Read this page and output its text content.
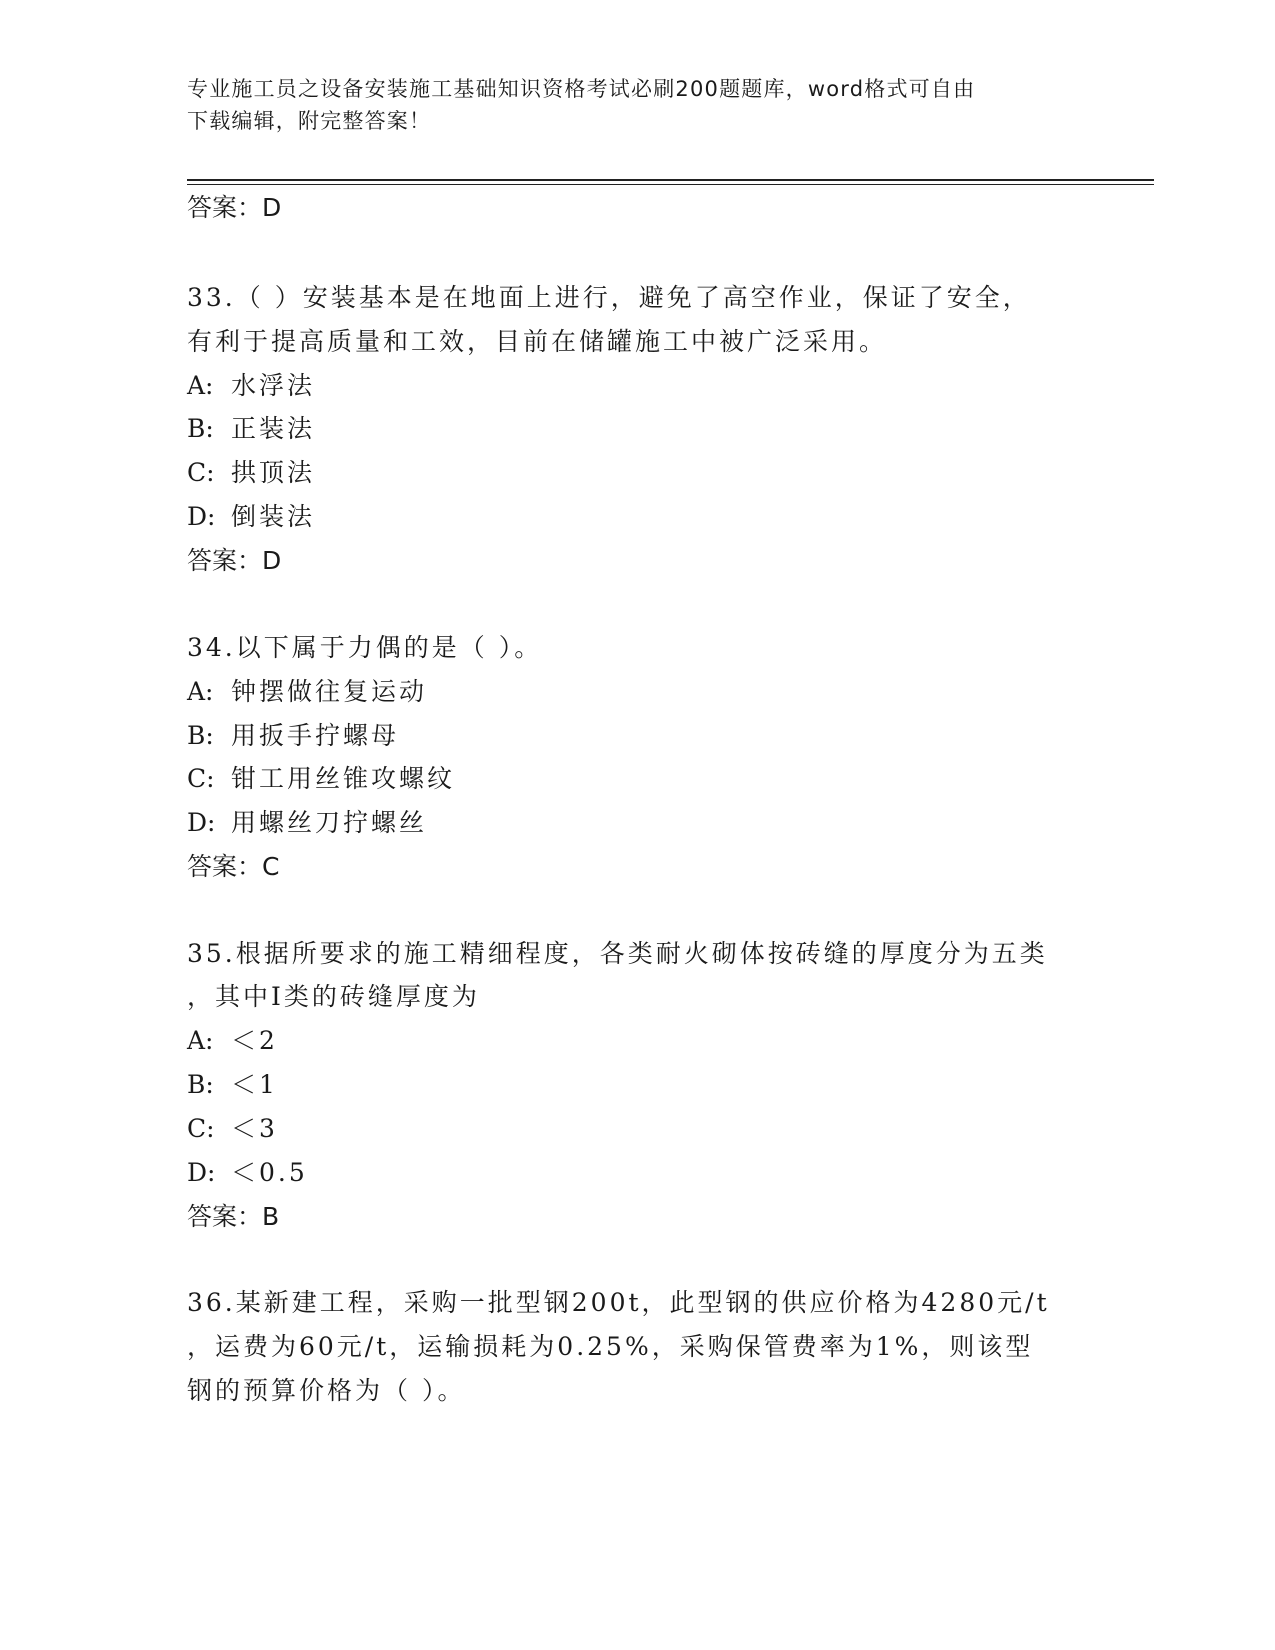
专业施工员之设备安装施工基础知识资格考试必刷200题题库，word格式可自由
下载编辑，附完整答案！
答案：D
33.（ ）安装基本是在地面上进行，避免了高空作业，保证了安全，
有利于提高质量和工效，目前在储罐施工中被广泛采用。
A: 水浮法
B: 正装法
C: 拱顶法
D: 倒装法
答案：D
34.以下属于力偶的是（ ）。
A: 钟摆做往复运动
B: 用扳手拧螺母
C: 钳工用丝锥攻螺纹
D: 用螺丝刀拧螺丝
答案：C
35.根据所要求的施工精细程度，各类耐火砌体按砖缝的厚度分为五类
，其中Ⅰ类的砖缝厚度为
A: ＜2
B: ＜1
C: ＜3
D: ＜0.5
答案：B
36.某新建工程，采购一批型钢200t，此型钢的供应价格为4280元/t
，运费为60元/t，运输损耗为0.25%，采购保管费率为1%，则该型
钢的预算价格为（ ）。
